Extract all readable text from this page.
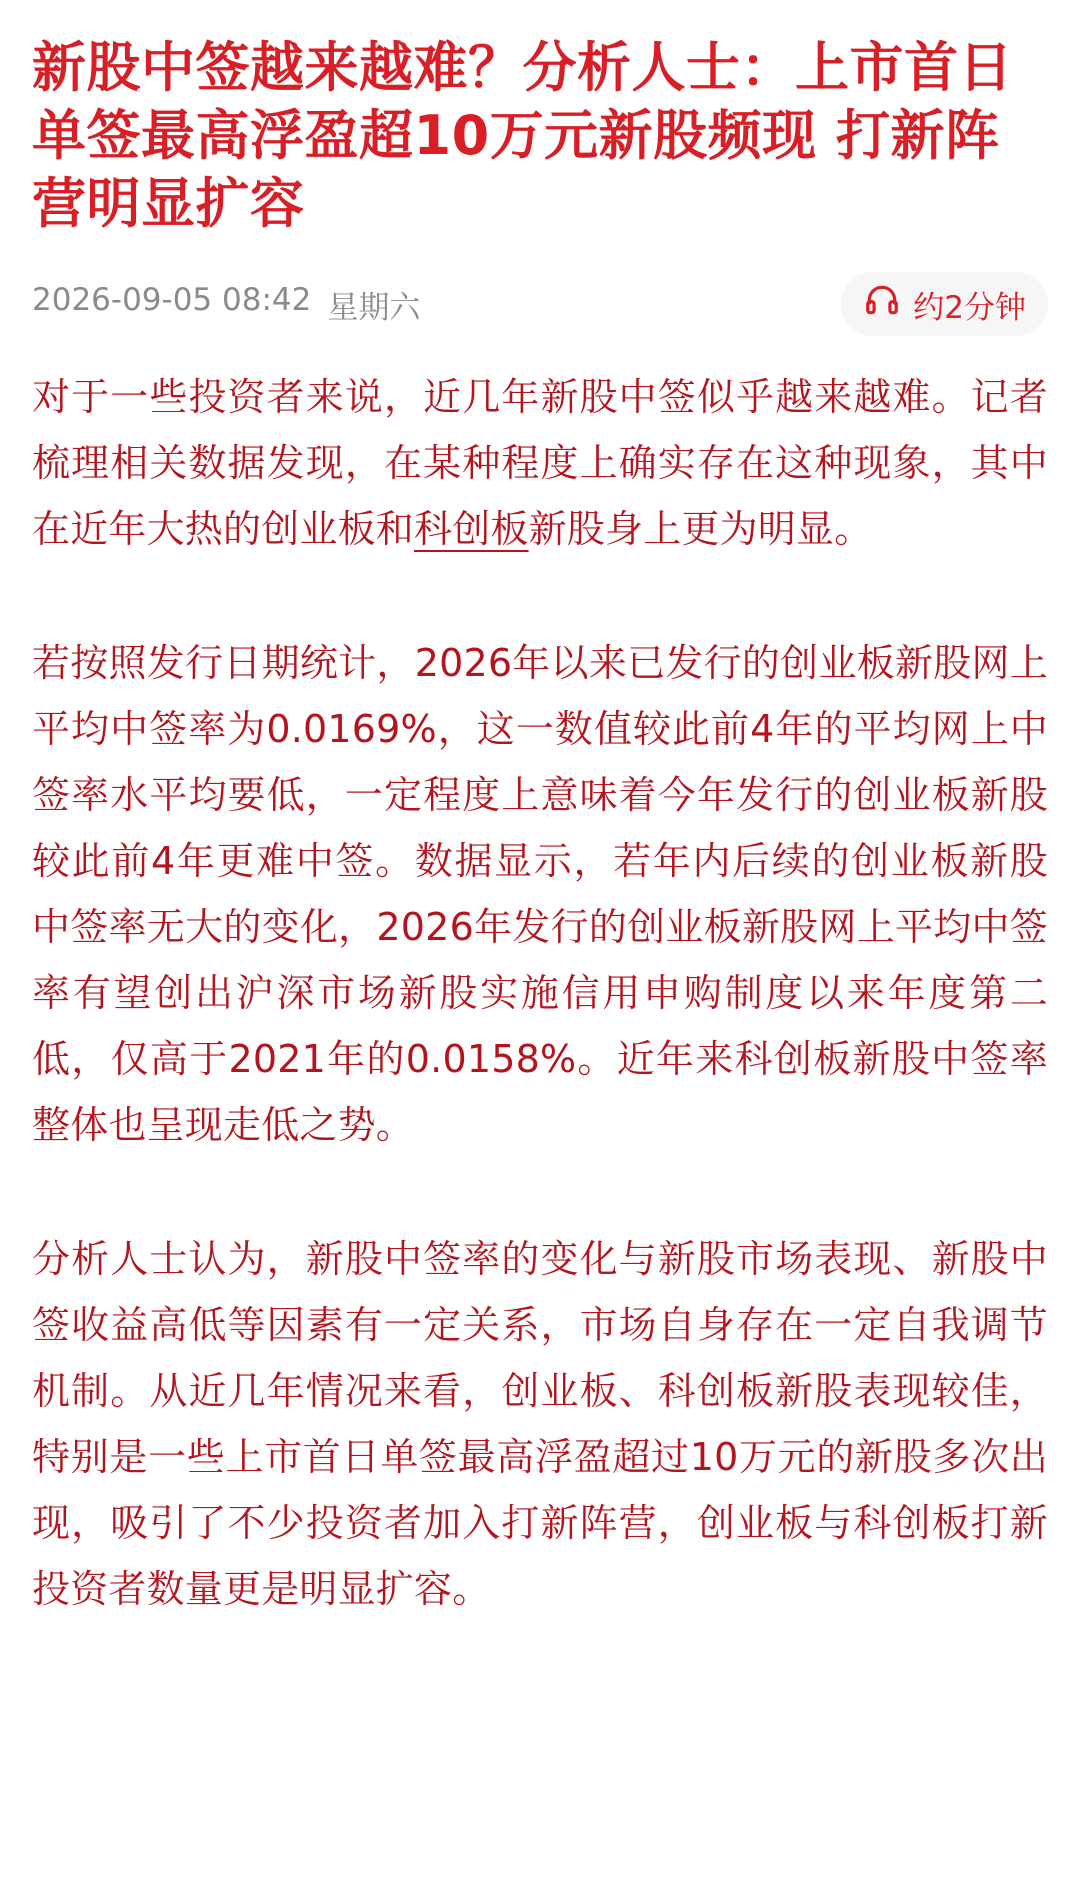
新股中签越来越难？分析人士：上市首日单签最高浮盈超10万元新股频现 打新阵营明显扩容
2026-09-05 08:42 星期六	约2分钟

对于一些投资者来说，近几年新股中签似乎越来越难。记者梳理相关数据发现，在某种程度上确实存在这种现象，其中在近年大热的创业板和科创板新股身上更为明显。

若按照发行日期统计，2026年以来已发行的创业板新股网上平均中签率为0.0169%，这一数值较此前4年的平均网上中签率水平均要低，一定程度上意味着今年发行的创业板新股较此前4年更难中签。数据显示，若年内后续的创业板新股中签率无大的变化，2026年发行的创业板新股网上平均中签率有望创出沪深市场新股实施信用申购制度以来年度第二低，仅高于2021年的0.0158%。近年来科创板新股中签率整体也呈现走低之势。

分析人士认为，新股中签率的变化与新股市场表现、新股中签收益高低等因素有一定关系，市场自身存在一定自我调节机制。从近几年情况来看，创业板、科创板新股表现较佳，特别是一些上市首日单签最高浮盈超过10万元的新股多次出现，吸引了不少投资者加入打新阵营，创业板与科创板打新投资者数量更是明显扩容。
